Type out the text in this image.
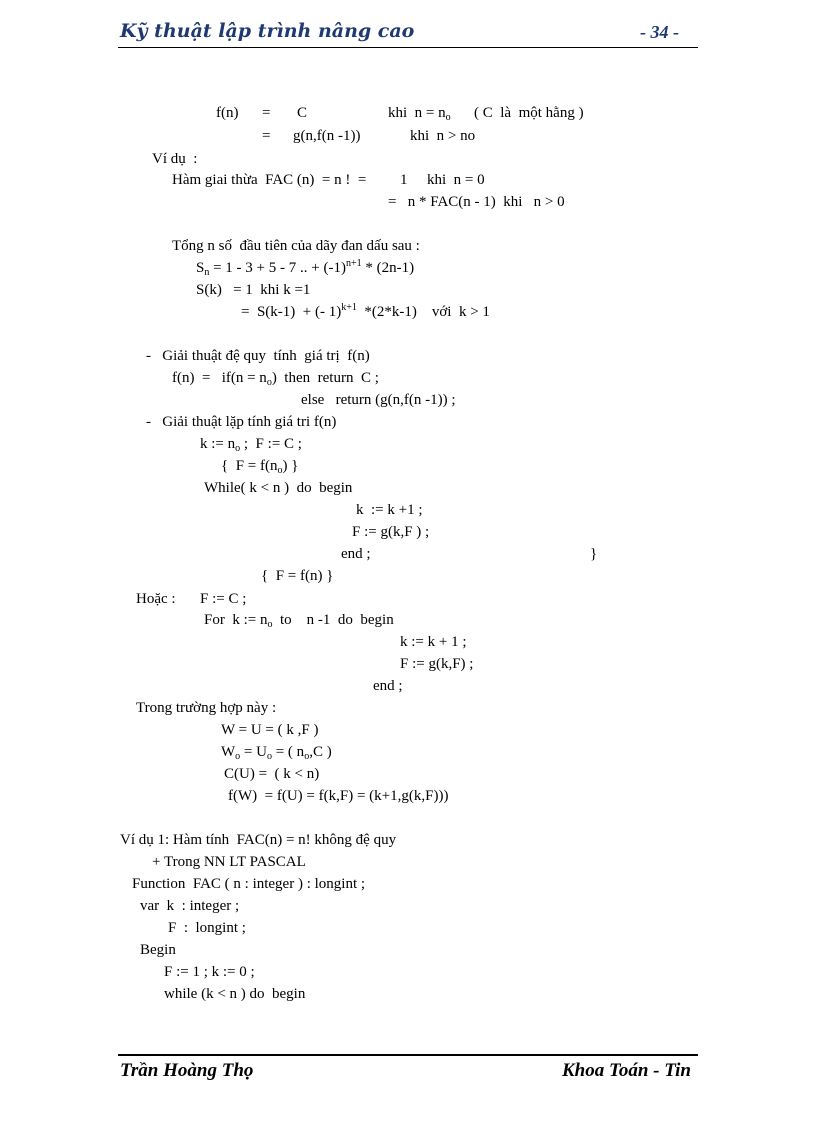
Kỹ thuật lập trình nâng cao	- 34 -
f(n) = C	khi  $n = n_o$ ( C  là  một hằng )
= g(n,f(n -1))	khi  n > no
Ví dụ  :
Hàm giai thừa  FAC (n)  = n !  = 1 khi  n = 0
=   n * FAC(n - 1)  khi   n > 0
Tổng n số  đầu tiên của dãy đan dấu sau :
$S_n = 1 - 3 + 5 - 7$ .. + $(-1)^{n+1} * (2n-1)$
S(k)   = 1  khi k =1
=  S(k-1)  + (- 1)$^{k+1}$  *(2*k-1)    với  k > 1
-   Giải thuật đệ quy  tính  giá trị  f(n)
$f(n) = if(n = n_o)$  then  return  C ;
else   return (g(n,f(n -1)) ;
-   Giải thuật lặp tính giá tri f(n)
k := $n_o$ ;  F := C ;
{  $F = f(n_o)$ }
While( k < n )  do  begin
k  := k +1 ;
F := g(k,F ) ;
end ;	}
{  F = f(n) }
Hoặc : F := C ;
For  k := $n_o$  to    n -1  do  begin
k := k + 1 ;
F := g(k,F) ;
end ;
Trong trường hợp này :
W = U = ( k ,F )
$W_o = U_o$ = ( $n_o,C$ )
C(U) =  ( k < n)
f(W)  = f(U) = f(k,F) = (k+1,g(k,F)))
Ví dụ 1: Hàm tính  FAC(n) = n! không đệ quy
+ Trong NN LT PASCAL
Function  FAC ( n : integer ) : longint ;
var  k  : integer ;
F  :  longint ;
Begin
F := 1 ; k := 0 ;
while (k < n ) do  begin
Trần Hoàng Thọ	Khoa Toán - Tin
